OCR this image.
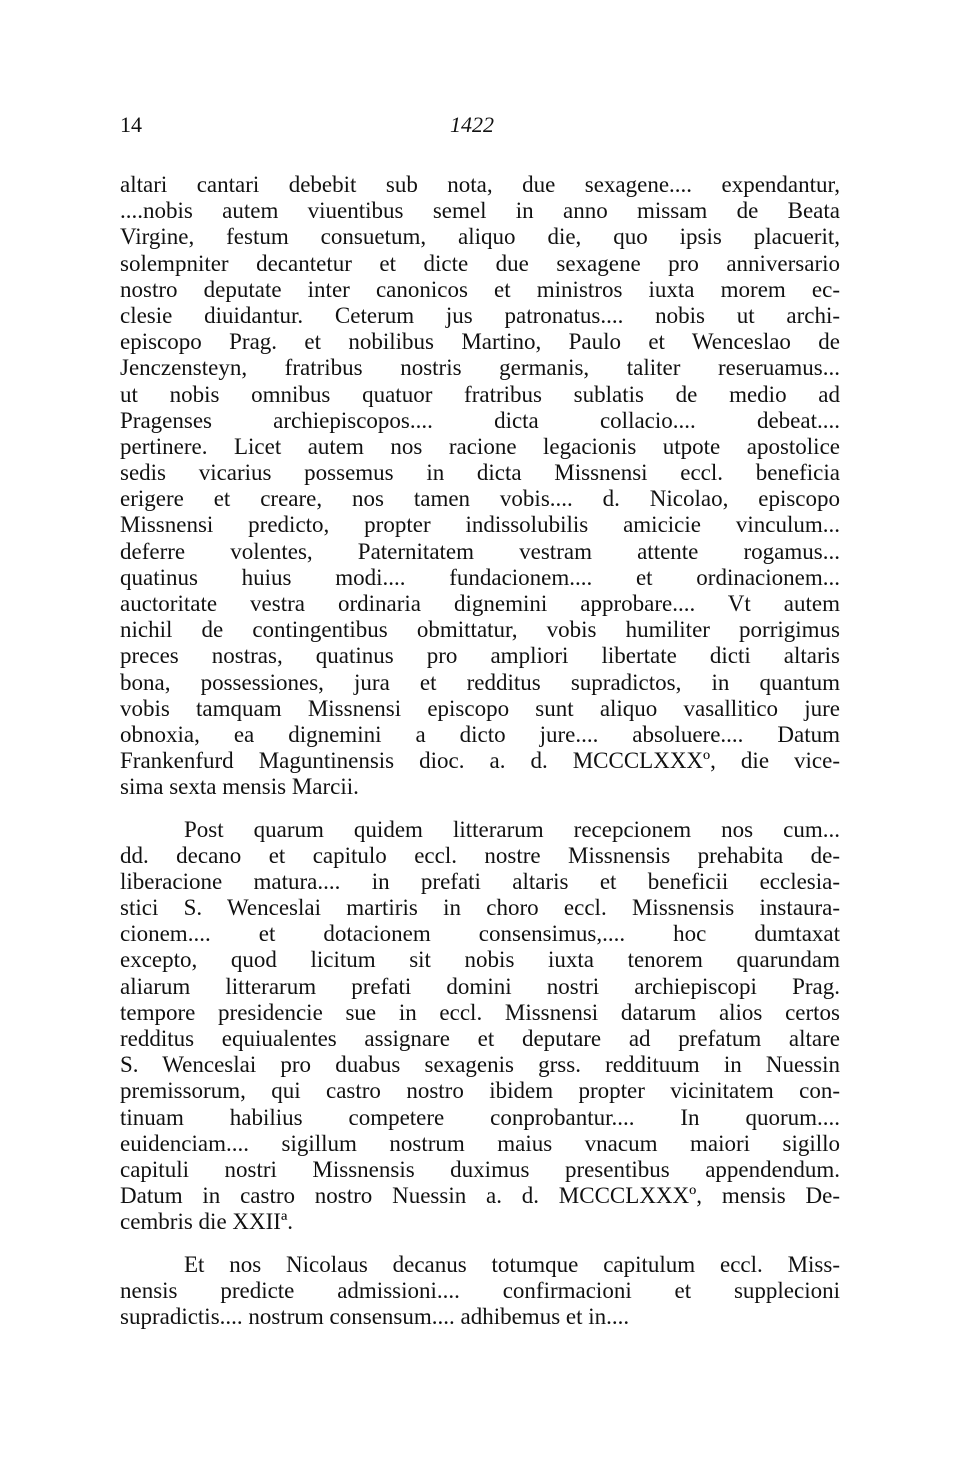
14	1422
altari cantari debebit sub nota, due sexagene.... expendantur,
....nobis autem viuentibus semel in anno missam de Beata
Virgine, festum consuetum, aliquo die, quo ipsis placuerit,
solempniter decantetur et dicte due sexagene pro anniversario
nostro deputate inter canonicos et ministros iuxta morem ec-
clesie diuidantur. Ceterum jus patronatus.... nobis ut archi-
episcopo Prag. et nobilibus Martino, Paulo et Wenceslao de
Jenczensteyn, fratribus nostris germanis, taliter reseruamus...
ut nobis omnibus quatuor fratribus sublatis de medio ad
Pragenses archiepiscopos.... dicta collacio.... debeat....
pertinere. Licet autem nos racione legacionis utpote apostolice
sedis vicarius possemus in dicta Missnensi eccl. beneficia
erigere et creare, nos tamen vobis.... d. Nicolao, episcopo
Missnensi predicto, propter indissolubilis amicicie vinculum...
deferre volentes, Paternitatem vestram attente rogamus...
quatinus huius modi.... fundacionem.... et ordinacionem...
auctoritate vestra ordinaria dignemini approbare.... Vt autem
nichil de contingentibus obmittatur, vobis humiliter porrigimus
preces nostras, quatinus pro ampliori libertate dicti altaris
bona, possessiones, jura et redditus supradictos, in quantum
vobis tamquam Missnensi episcopo sunt aliquo vasallitico jure
obnoxia, ea dignemini a dicto jure.... absoluere.... Datum
Frankenfurd Maguntinensis dioc. a. d. MCCCLXXXº, die vice-
sima sexta mensis Marcii.
Post quarum quidem litterarum recepcionem nos cum...
dd. decano et capitulo eccl. nostre Missnensis prehabita de-
liberacione matura.... in prefati altaris et beneficii ecclesia-
stici S. Wenceslai martiris in choro eccl. Missnensis instaura-
cionem.... et dotacionem consensimus,.... hoc dumtaxat
excepto, quod licitum sit nobis iuxta tenorem quarundam
aliarum litterarum prefati domini nostri archiepiscopi Prag.
tempore presidencie sue in eccl. Missnensi datarum alios certos
redditus equiualentes assignare et deputare ad prefatum altare
S. Wenceslai pro duabus sexagenis grss. reddituum in Nuessin
premissorum, qui castro nostro ibidem propter vicinitatem con-
tinuam habilius competere conprobantur.... In quorum....
euidenciam.... sigillum nostrum maius vnacum maiori sigillo
capituli nostri Missnensis duximus presentibus appendendum.
Datum in castro nostro Nuessin a. d. MCCCLXXXº, mensis De-
cembris die XXIIª.
Et nos Nicolaus decanus totumque capitulum eccl. Miss-
nensis predicte admissioni.... confirmacioni et supplecioni
supradictis.... nostrum consensum.... adhibemus et in....
